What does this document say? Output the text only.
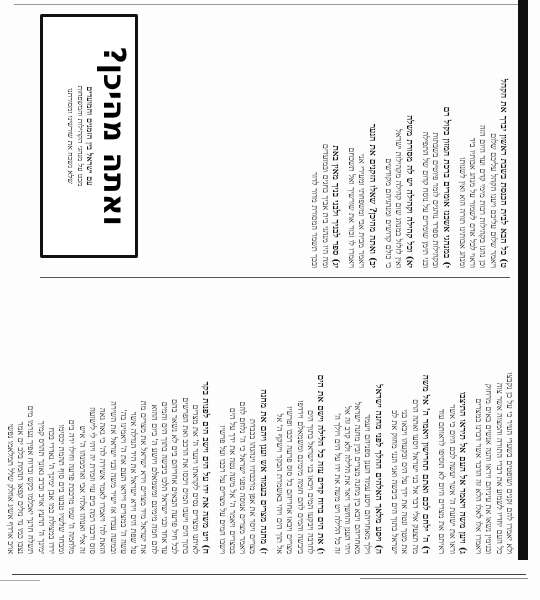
ולא יאמרו להם זקנים ושופטים בשערי העיר כי על כן נקבצו
כל העם יחדיו לשמוע את דברי התורה והמצוה אשר צוה
ובנימין נשאו את עיניהם ויראו והנה אנשים באים מרחוק
ויאמרו אלו לאלו הלא זה הדבר אשר דברנו במצרים
ג) ויען משה ויאמר אל העם אל תיראו התיצבו
וראו את ישועת ה' אשר יעשה לכם היום כי אשר
ראיתם את מצרים היום לא תוסיפו לראותם עוד
ד) ה' ילחם לכם ואתם תחרישון ויאמר ה' אל משה
מה תצעק אלי דבר אל בני ישראל ויסעו ואתה הרם
את מטך ונטה את ידך על הים ובקעהו ויבאו בני
ישראל בתוך הים ביבשה ואני הנני מחזק את לב
ה) ויסע מלאך האלהים ההלך לפני מחנה ישראל
וילך מאחריהם ויסע עמוד הענן מפניהם ויעמד
מאחריהם ויבא בין מחנה מצרים ובין מחנה ישראל
ויהי הענן והחשך ויאר את הלילה ולא קרב זה אל
זה כל הלילה ויט משה את ידו על הים ויולך ה'
ו) את הים ברוח קדים עזה כל הלילה וישם את הים
לחרבה ויבקעו המים ויבאו בני ישראל בתוך הים
ביבשה והמים להם חומה מימינם ומשמאלם וירדפו
מצרים ויבאו אחריהם כל סוס פרעה רכבו ופרשיו
אל תוך הים ויהי באשמרת הבקר וישקף ה' אל
ז) מחנה מצרים בעמוד אש וענן ויהם את מחנה
מצרים ויסר את אפן מרכבתיו וינהגהו בכבדת
ויאמר מצרים אנוסה מפני ישראל כי ה' נלחם להם
במצרים ויאמר ה' אל משה נטה את ידך על הים
וישבו המים על מצרים על רכבו ועל פרשיו
ח) ויט משה את ידו על הים וישב הים לפנות בקר
לאיתנו ומצרים נסים לקראתו וינער ה' את מצרים
בתוך הים וישבו המים ויכסו את הרכב ואת הפרשים
לכל חיל פרעה הבאים אחריהם בים לא נשאר בהם
עד אחד ובני ישראל הלכו ביבשה בתוך הים והמים
להם חמה מימינם ומשמאלם ויושע ה' ביום ההוא
את ישראל מיד מצרים וירא ישראל את מצרים מת
על שפת הים וירא ישראל את היד הגדלה אשר
עשה ה' במצרים וייראו העם את ה' ויאמינו בה'
ובמשה עבדו אז ישיר משה ובני ישראל את השירה
הזאת לה' ויאמרו לאמר אשירה לה' כי גאה גאה
סוס ורכבו רמה בים עזי וזמרת יה ויהי לי לישועה
זה אלי ואנוהו אלהי אבי וארממנהו ה' איש
מלחמה ה' שמו מרכבת פרעה וחילו ירה בים
ומבחר שלשיו טבעו בים סוף תהמת יכסימו
ירדו במצולת כמו אבן ימינך ה' נאדרי בכח
ימינך ה' תרעץ אויב וברב גאונך תהרס קמיך
תשלח חרנך יאכלמו כקש וברוח אפיך נערמו מים
נצבו כמו נד נזלים קפאו תהמת בלב ים אמר
אויב ארדף אשיג אחלק שלל תמלאמו נפשי
ט) כל הבא לבית הכנסת בשבת ראשון יברך את הקהל
ויאמר שלום עליכם ויענו הקהל עליכם שלום
וכן נהגו בקהילות רבות מימי קדם ועד היום הזה
וראוי לכל אדם לשמור על מנהג אבותיו ביד
ומנהג אבותינו תורה הוא ואין לשנותו
י) במנהגי אשכנז אומרים ברכת המזון בקול רם
ובקהילות ספרד נוהגים לומר פיוטים בשבתות
ובני תימן שומרים על נוסח קדום של התפילה
יא) וכל קהילה וקהילה יש לה מסורת משלה
ואין לזלזל במנהג שום קהילה מקהילות ישראל
כי כולם קדושים ומנהגיהם מקודשים
יב) ואתה מהיכן? שאלו הזקנים את הנער
ויאמר מבית אבי ומשפחתי ומעירי אני
ויאמרו לו זכור את שורשיך ואל תשכחם
יג) ספר לבניך ולבני בניך מאין באת
ומה היו מנהגי בית אביך בחגים ובמועדים
ובכך תשמר המסורת מדור לדור
ואתה מהיכן?
עם ישראל בין הזמנים והמועדים
מבט על מנהגי הקהילות והמשפחות
שלא נשכח את שורשינו ומסורתנו
